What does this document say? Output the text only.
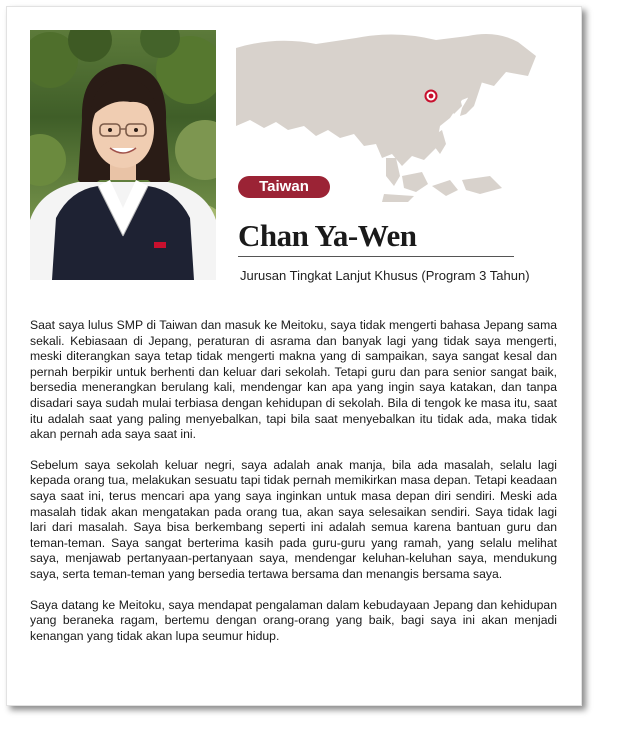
Taiwan
Chan Ya-Wen
Jurusan Tingkat Lanjut Khusus (Program 3 Tahun)

Saat saya lulus SMP di Taiwan dan masuk ke Meitoku, saya tidak mengerti bahasa Jepang sama sekali. Kebiasaan di Jepang, peraturan di asrama dan banyak lagi yang tidak saya mengerti, meski diterangkan saya tetap tidak mengerti makna yang di sampaikan, saya sangat kesal dan pernah berpikir untuk berhenti dan keluar dari sekolah. Tetapi guru dan para senior sangat baik, bersedia menerangkan berulang kali, mendengar kan apa yang ingin saya katakan, dan tanpa disadari saya sudah mulai terbiasa dengan kehidupan di sekolah. Bila di tengok ke masa itu, saat itu adalah saat yang paling menyebalkan, tapi bila saat menyebalkan itu tidak ada, maka tidak akan pernah ada saya saat ini.

Sebelum saya sekolah keluar negri, saya adalah anak manja, bila ada masalah, selalu lagi kepada orang tua, melakukan sesuatu tapi tidak pernah memikirkan masa depan. Tetapi keadaan saya saat ini, terus mencari apa yang saya inginkan untuk masa depan diri sendiri. Meski ada masalah tidak akan mengatakan pada orang tua, akan saya selesaikan sendiri. Saya tidak lagi lari dari masalah. Saya bisa berkembang seperti ini adalah semua karena bantuan guru dan teman-teman. Saya sangat berterima kasih pada guru-guru yang ramah, yang selalu melihat saya, menjawab pertanyaan-pertanyaan saya, mendengar keluhan-keluhan saya, mendukung saya, serta teman-teman yang bersedia tertawa bersama dan menangis bersama saya.

Saya datang ke Meitoku, saya mendapat pengalaman dalam kebudayaan Jepang dan kehidupan yang beraneka ragam, bertemu dengan orang-orang yang baik, bagi saya ini akan menjadi kenangan yang tidak akan lupa seumur hidup.
